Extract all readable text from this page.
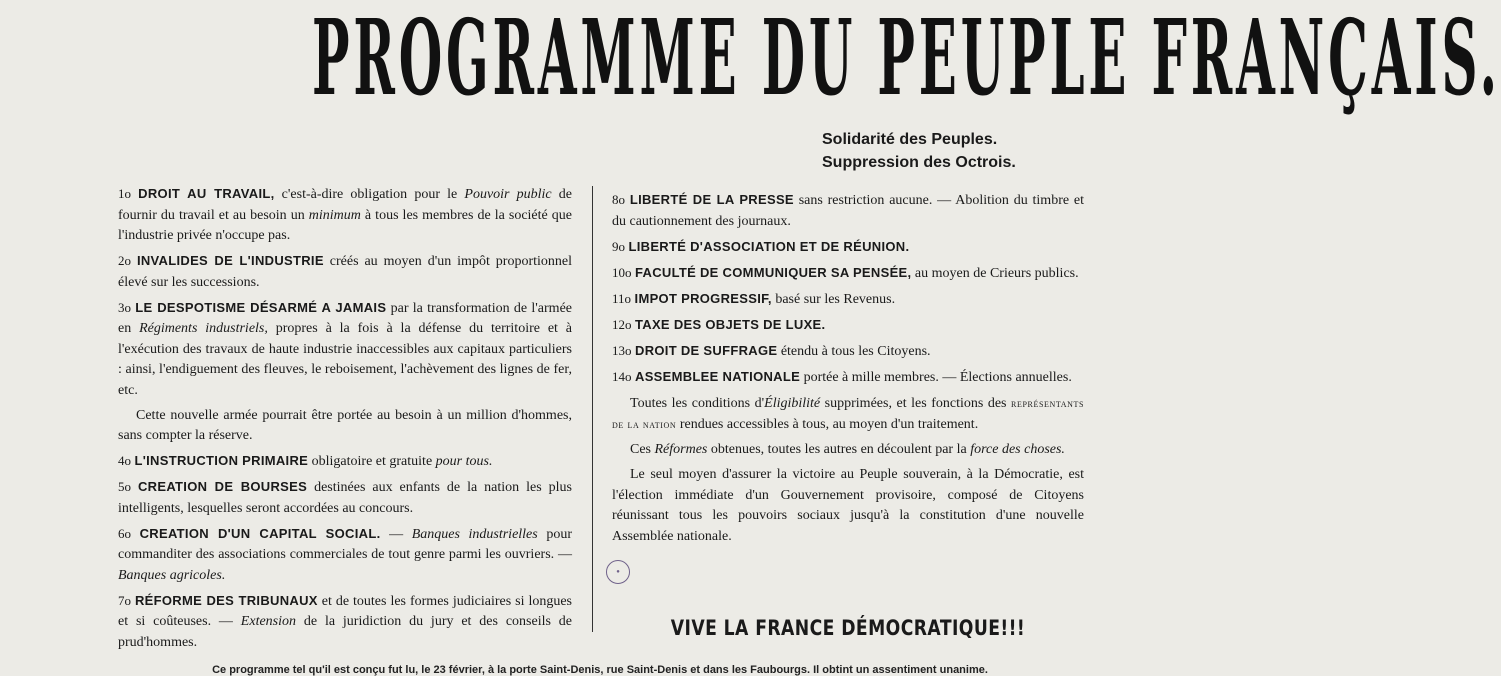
PROGRAMME DU PEUPLE FRANÇAIS.
Solidarité des Peuples.
Suppression des Octrois.

1o DROIT AU TRAVAIL, c'est-à-dire obligation pour le Pouvoir public de fournir du travail et au besoin un minimum à tous les membres de la société que l'industrie privée n'occupe pas.

2o INVALIDES DE L'INDUSTRIE créés au moyen d'un impôt proportionnel élevé sur les successions.

3o LE DESPOTISME DÉSARMÉ A JAMAIS par la transformation de l'armée en Régiments industriels, propres à la fois à la défense du territoire et à l'exécution des travaux de haute industrie inaccessibles aux capitaux particuliers : ainsi, l'endiguement des fleuves, le reboisement, l'achèvement des lignes de fer, etc.

Cette nouvelle armée pourrait être portée au besoin à un million d'hommes, sans compter la réserve.

4o L'INSTRUCTION PRIMAIRE obligatoire et gratuite pour tous.

5o CREATION DE BOURSES destinées aux enfants de la nation les plus intelligents, lesquelles seront accordées au concours.

6o CREATION D'UN CAPITAL SOCIAL. — Banques industrielles pour commanditer des associations commerciales de tout genre parmi les ouvriers. — Banques agricoles.

7o RÉFORME DES TRIBUNAUX et de toutes les formes judiciaires si longues et si coûteuses. — Extension de la juridiction du jury et des conseils de prud'hommes.

8o LIBERTÉ DE LA PRESSE sans restriction aucune. — Abolition du timbre et du cautionnement des journaux.

9o LIBERTÉ D'ASSOCIATION ET DE RÉUNION.

10o FACULTÉ DE COMMUNIQUER SA PENSÉE, au moyen de Crieurs publics.

11o IMPOT PROGRESSIF, basé sur les Revenus.

12o TAXE DES OBJETS DE LUXE.

13o DROIT DE SUFFRAGE étendu à tous les Citoyens.

14o ASSEMBLEE NATIONALE portée à mille membres. — Élections annuelles.

Toutes les conditions d'Éligibilité supprimées, et les fonctions des représentants de la nation rendues accessibles à tous, au moyen d'un traitement.

Ces Réformes obtenues, toutes les autres en découlent par la force des choses.

Le seul moyen d'assurer la victoire au Peuple souverain, à la Démocratie, est l'élection immédiate d'un Gouvernement provisoire, composé de Citoyens réunissant tous les pouvoirs sociaux jusqu'à la constitution d'une nouvelle Assemblée nationale.

●
VIVE LA FRANCE DÉMOCRATIQUE!!!
Ce programme tel qu'il est conçu fut lu, le 23 février, à la porte Saint-Denis, rue Saint-Denis et dans les Faubourgs. Il obtint un assentiment unanime.
